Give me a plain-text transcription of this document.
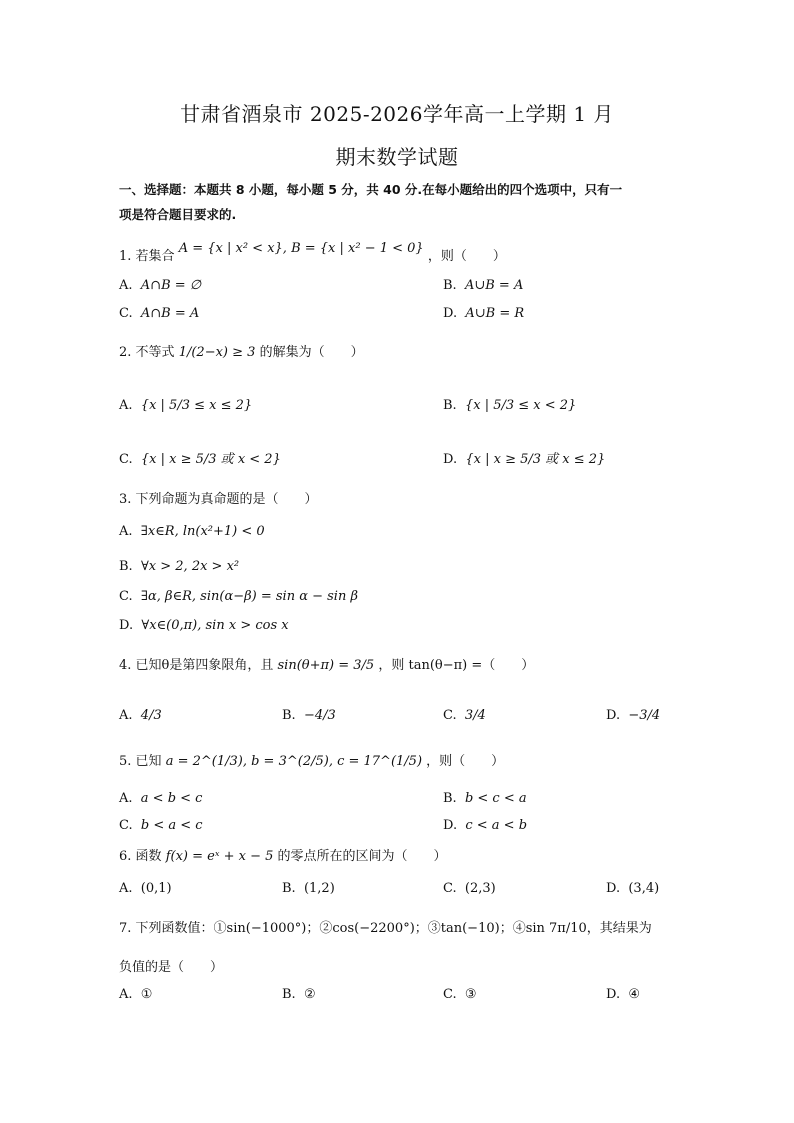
甘肃省酒泉市 2025-2026学年高一上学期 1 月
期末数学试题
一、选择题：本题共 8 小题，每小题 5 分，共 40 分.在每小题给出的四个选项中，只有一
项是符合题目要求的.
1. 若集合 A = {x | x² < x}, B = {x | x² − 1 < 0} ，则（　　）
A. A∩B = ∅	B. A∪B = A
C. A∩B = A	D. A∪B = R
2. 不等式 1/(2−x) ≥ 3 的解集为（　　）
A. {x | 5/3 ≤ x ≤ 2}	B. {x | 5/3 ≤ x < 2}
C. {x | x ≥ 5/3 或 x < 2}	D. {x | x ≥ 5/3 或 x ≤ 2}
3. 下列命题为真命题的是（　　）
A. ∃x∈R, ln(x²+1) < 0
B. ∀x > 2, 2x > x²
C. ∃α, β∈R, sin(α−β) = sin α − sin β
D. ∀x∈(0,π), sin x > cos x
4. 已知θ是第四象限角，且 sin(θ+π) = 3/5 ，则 tan(θ−π) =（　　）
A. 4/3	B. −4/3	C. 3/4	D. −3/4
5. 已知 a = 2^(1/3), b = 3^(2/5), c = 17^(1/5) ，则（　　）
A. a < b < c	B. b < c < a
C. b < a < c	D. c < a < b
6. 函数 f(x) = eˣ + x − 5 的零点所在的区间为（　　）
A. (0,1)	B. (1,2)	C. (2,3)	D. (3,4)
7. 下列函数值：①sin(−1000°)；②cos(−2200°)；③tan(−10)；④sin 7π/10，其结果为
负值的是（　　）
A. ①	B. ②	C. ③	D. ④
